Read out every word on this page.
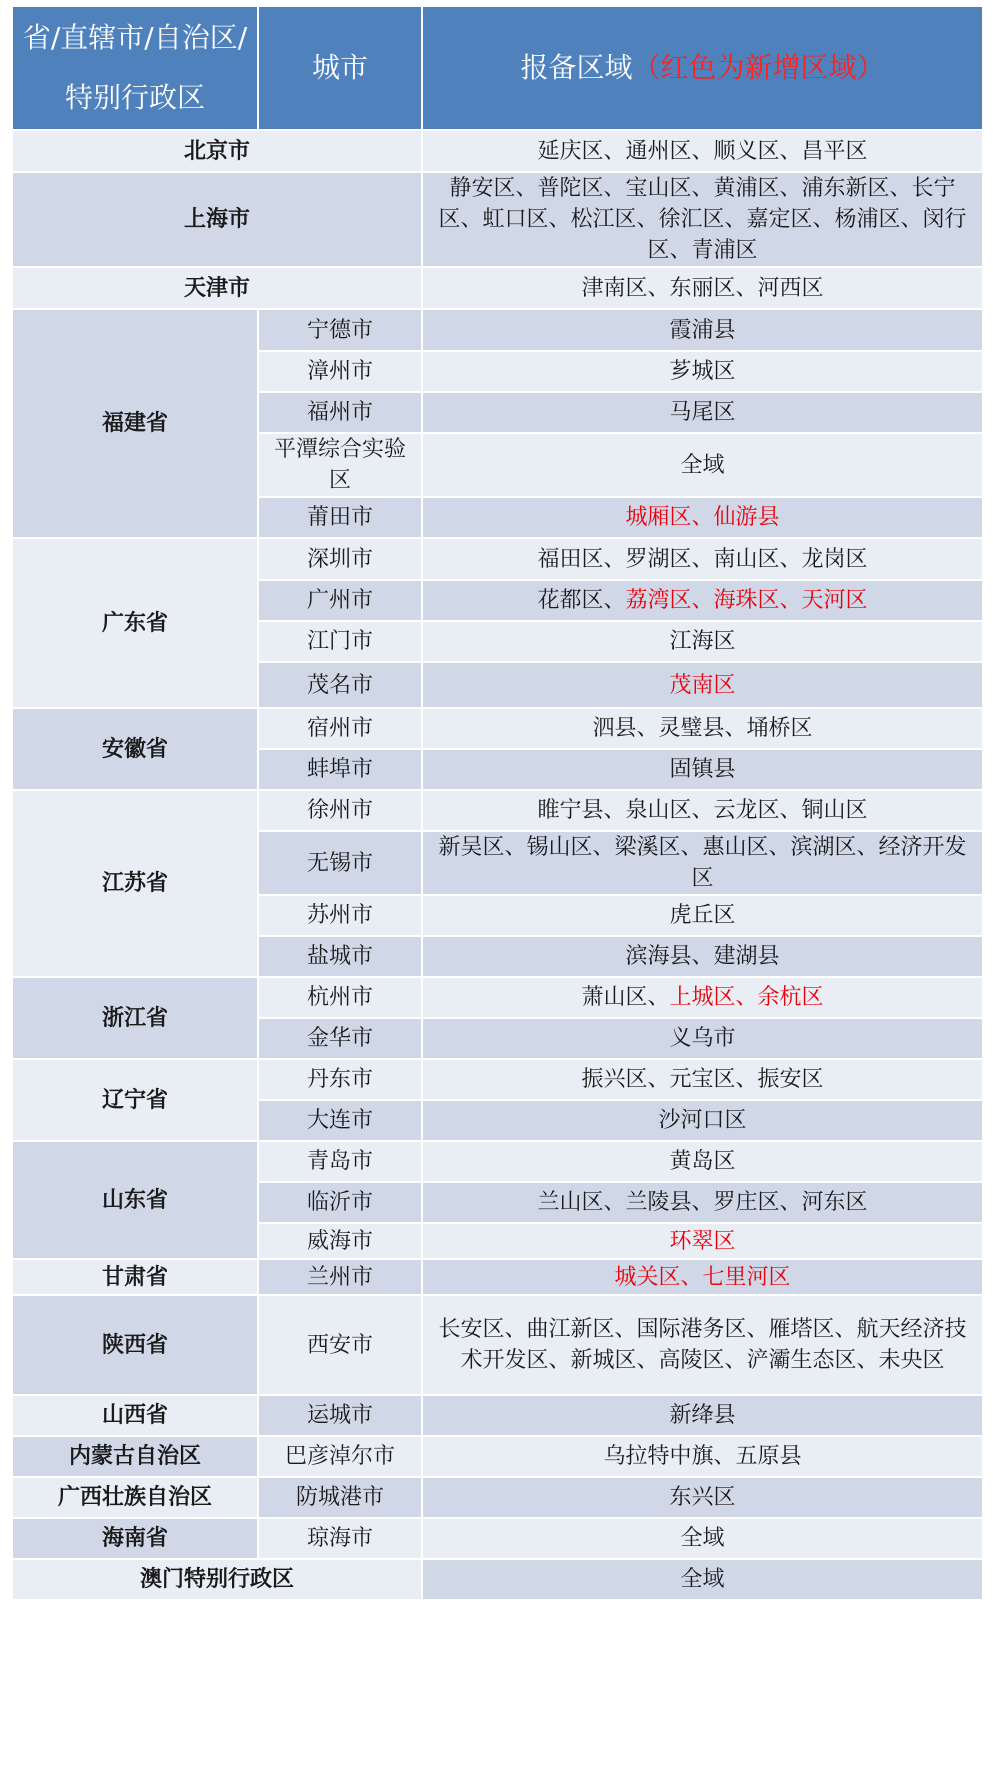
省/直辖市/自治区/特别行政区	城市	报备区域（红色为新增区域）
北京市		延庆区、通州区、顺义区、昌平区
上海市		静安区、普陀区、宝山区、黄浦区、浦东新区、长宁区、虹口区、松江区、徐汇区、嘉定区、杨浦区、闵行区、青浦区
天津市		津南区、东丽区、河西区
福建省	宁德市	霞浦县
	漳州市	芗城区
	福州市	马尾区
	平潭综合实验区	全域
	莆田市	城厢区、仙游县
广东省	深圳市	福田区、罗湖区、南山区、龙岗区
	广州市	花都区、荔湾区、海珠区、天河区
	江门市	江海区
	茂名市	茂南区
安徽省	宿州市	泗县、灵璧县、埇桥区
	蚌埠市	固镇县
江苏省	徐州市	睢宁县、泉山区、云龙区、铜山区
	无锡市	新吴区、锡山区、梁溪区、惠山区、滨湖区、经济开发区
	苏州市	虎丘区
	盐城市	滨海县、建湖县
浙江省	杭州市	萧山区、上城区、余杭区
	金华市	义乌市
辽宁省	丹东市	振兴区、元宝区、振安区
	大连市	沙河口区
山东省	青岛市	黄岛区
	临沂市	兰山区、兰陵县、罗庄区、河东区
	威海市	环翠区
甘肃省	兰州市	城关区、七里河区
陕西省	西安市	长安区、曲江新区、国际港务区、雁塔区、航天经济技术开发区、新城区、高陵区、浐灞生态区、未央区
山西省	运城市	新绛县
内蒙古自治区	巴彦淖尔市	乌拉特中旗、五原县
广西壮族自治区	防城港市	东兴区
海南省	琼海市	全域
澳门特别行政区		全域
